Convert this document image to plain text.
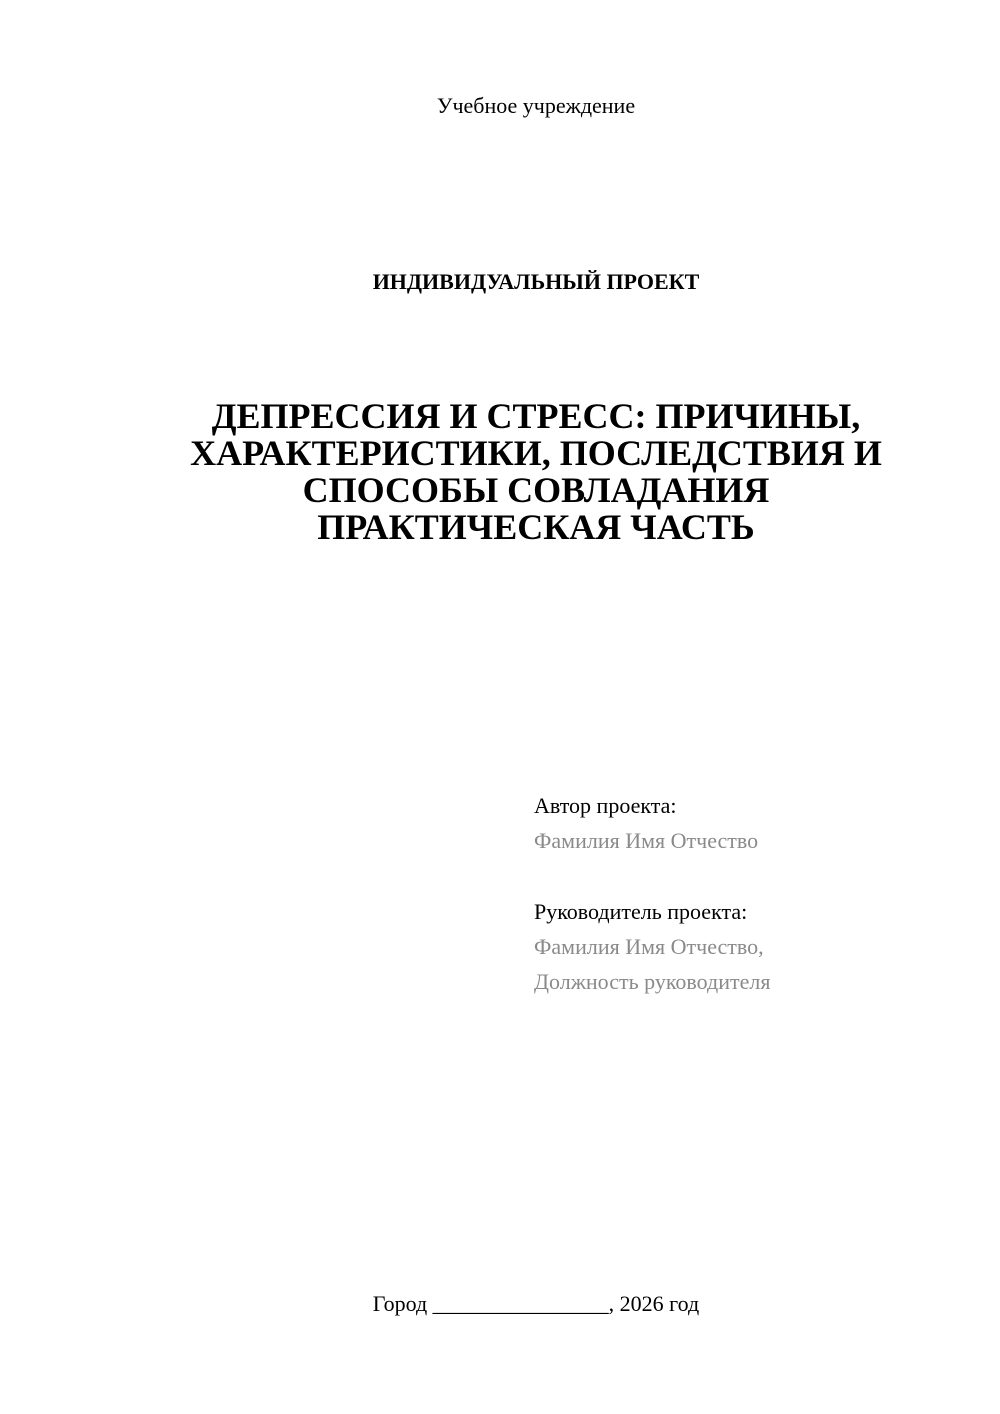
Учебное учреждение
ИНДИВИДУАЛЬНЫЙ ПРОЕКТ
ДЕПРЕССИЯ И СТРЕСС: ПРИЧИНЫ,
ХАРАКТЕРИСТИКИ, ПОСЛЕДСТВИЯ И
СПОСОБЫ СОВЛАДАНИЯ
ПРАКТИЧЕСКАЯ ЧАСТЬ
Автор проекта:
Фамилия Имя Отчество
Руководитель проекта:
Фамилия Имя Отчество,
Должность руководителя
Город ________________, 2026 год
